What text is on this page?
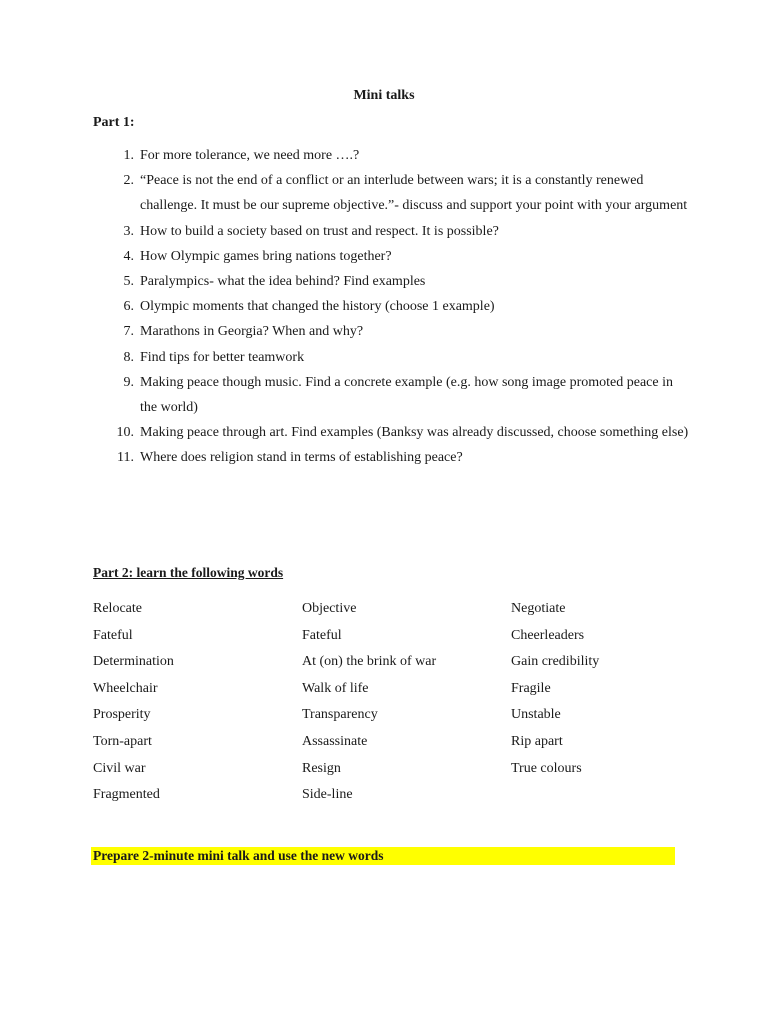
Mini talks
Part 1:
1. For more tolerance, we need more ….?
2. “Peace is not the end of a conflict or an interlude between wars; it is a constantly renewed challenge. It must be our supreme objective.”- discuss and support your point with your argument
3. How to build a society based on trust and respect. It is possible?
4. How Olympic games bring nations together?
5. Paralympics- what the idea behind? Find examples
6. Olympic moments that changed the history (choose 1 example)
7. Marathons in Georgia? When and why?
8. Find tips for better teamwork
9. Making peace though music. Find a concrete example (e.g. how song image promoted peace in the world)
10. Making peace through art. Find examples (Banksy was already discussed, choose something else)
11. Where does religion stand in terms of establishing peace?
Part 2: learn the following words
Relocate
Fateful
Determination
Wheelchair
Prosperity
Torn-apart
Civil war
Fragmented
Objective
Fateful
At (on) the brink of war
Walk of life
Transparency
Assassinate
Resign
Side-line
Negotiate
Cheerleaders
Gain credibility
Fragile
Unstable
Rip apart
True colours
Prepare 2-minute mini talk and use the new words
